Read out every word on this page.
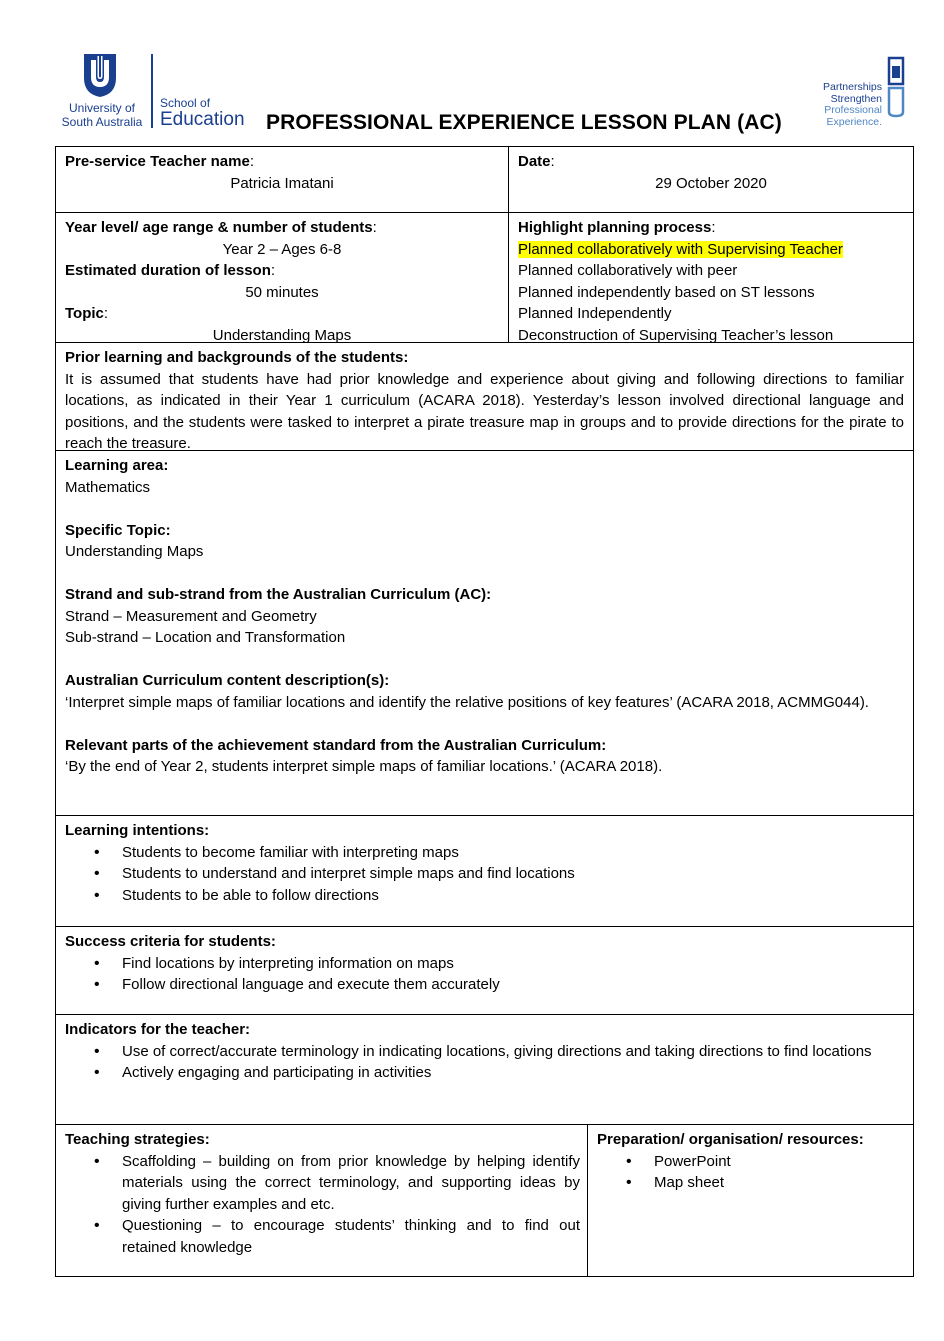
University of
South Australia
School of
Education PROFESSIONAL EXPERIENCE LESSON PLAN (AC)
Partnerships
Strengthen
Professional
Experience.
Pre-service Teacher name:
Patricia Imatani
Date:
29 October 2020
Year level/ age range & number of students:
Year 2 – Ages 6-8
Estimated duration of lesson:
50 minutes
Topic:
Understanding Maps
Highlight planning process:
Planned collaboratively with Supervising Teacher
Planned collaboratively with peer
Planned independently based on ST lessons
Planned Independently
Deconstruction of Supervising Teacher’s lesson
Prior learning and backgrounds of the students:
It is assumed that students have had prior knowledge and experience about giving and following directions to familiar locations, as indicated in their Year 1 curriculum (ACARA 2018). Yesterday’s lesson involved directional language and positions, and the students were tasked to interpret a pirate treasure map in groups and to provide directions for the pirate to reach the treasure.
Learning area:
Mathematics
Specific Topic:
Understanding Maps
Strand and sub-strand from the Australian Curriculum (AC):
Strand – Measurement and Geometry
Sub-strand – Location and Transformation
Australian Curriculum content description(s):
‘Interpret simple maps of familiar locations and identify the relative positions of key features’ (ACARA 2018, ACMMG044).
Relevant parts of the achievement standard from the Australian Curriculum:
‘By the end of Year 2, students interpret simple maps of familiar locations.’ (ACARA 2018).
Learning intentions:
• Students to become familiar with interpreting maps
• Students to understand and interpret simple maps and find locations
• Students to be able to follow directions
Success criteria for students:
• Find locations by interpreting information on maps
• Follow directional language and execute them accurately
Indicators for the teacher:
• Use of correct/accurate terminology in indicating locations, giving directions and taking directions to find locations
• Actively engaging and participating in activities
Teaching strategies:
• Scaffolding – building on from prior knowledge by helping identify materials using the correct terminology, and supporting ideas by giving further examples and etc.
• Questioning – to encourage students’ thinking and to find out retained knowledge
Preparation/ organisation/ resources:
• PowerPoint
• Map sheet
